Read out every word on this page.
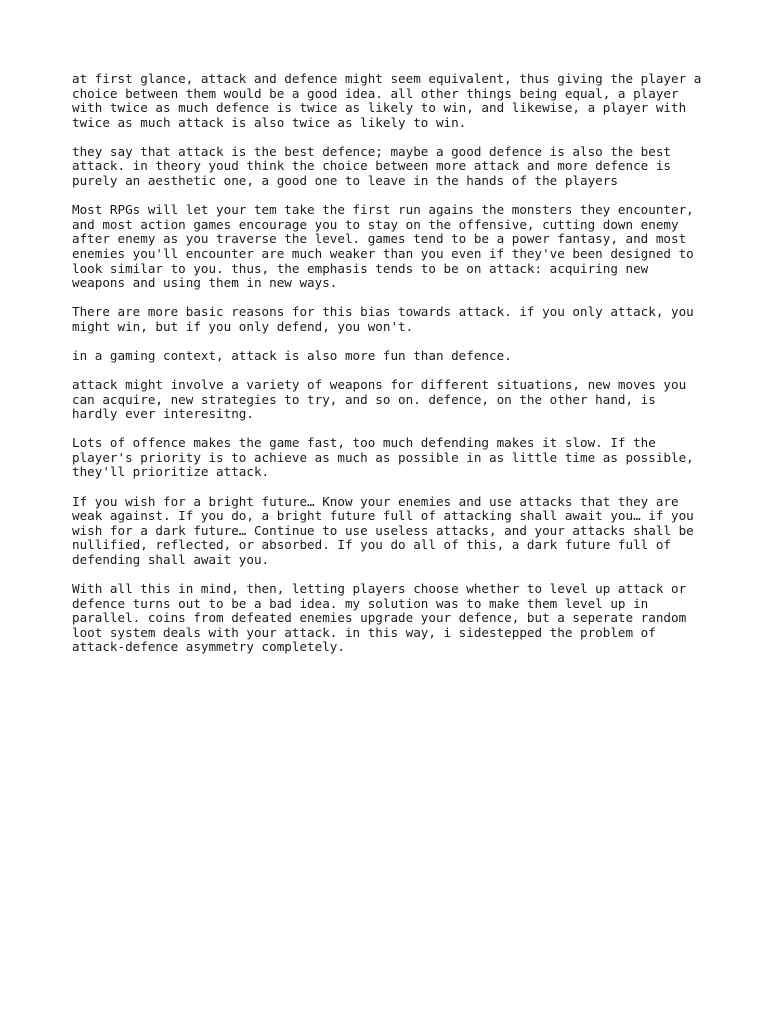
at first glance, attack and defence might seem equivalent, thus giving the player a
choice between them would be a good idea. all other things being equal, a player
with twice as much defence is twice as likely to win, and likewise, a player with
twice as much attack is also twice as likely to win.

they say that attack is the best defence; maybe a good defence is also the best
attack. in theory youd think the choice between more attack and more defence is
purely an aesthetic one, a good one to leave in the hands of the players

Most RPGs will let your tem take the first run agains the monsters they encounter,
and most action games encourage you to stay on the offensive, cutting down enemy
after enemy as you traverse the level. games tend to be a power fantasy, and most
enemies you'll encounter are much weaker than you even if they've been designed to
look similar to you. thus, the emphasis tends to be on attack: acquiring new
weapons and using them in new ways.

There are more basic reasons for this bias towards attack. if you only attack, you
might win, but if you only defend, you won't.

in a gaming context, attack is also more fun than defence.

attack might involve a variety of weapons for different situations, new moves you
can acquire, new strategies to try, and so on. defence, on the other hand, is
hardly ever interesitng.

Lots of offence makes the game fast, too much defending makes it slow. If the
player's priority is to achieve as much as possible in as little time as possible,
they'll prioritize attack.

If you wish for a bright future… Know your enemies and use attacks that they are
weak against. If you do, a bright future full of attacking shall await you… if you
wish for a dark future… Continue to use useless attacks, and your attacks shall be
nullified, reflected, or absorbed. If you do all of this, a dark future full of
defending shall await you.

With all this in mind, then, letting players choose whether to level up attack or
defence turns out to be a bad idea. my solution was to make them level up in
parallel. coins from defeated enemies upgrade your defence, but a seperate random
loot system deals with your attack. in this way, i sidestepped the problem of
attack-defence asymmetry completely.
